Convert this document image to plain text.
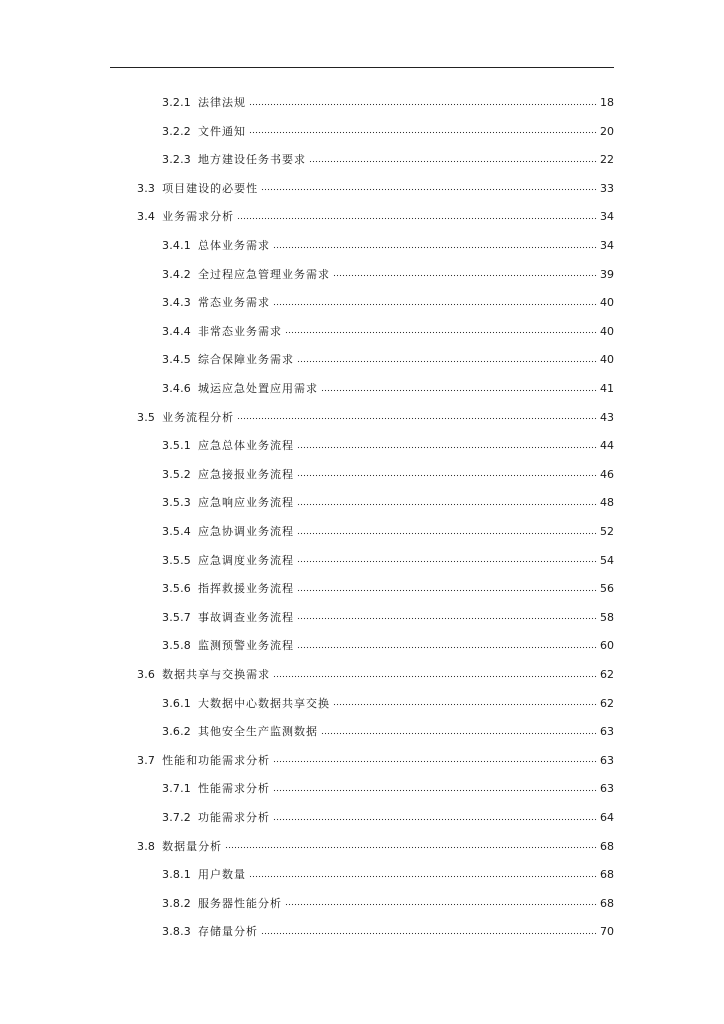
3.2.1 法律法规	18
3.2.2 文件通知	20
3.2.3 地方建设任务书要求	22
3.3 项目建设的必要性	33
3.4 业务需求分析	34
3.4.1 总体业务需求	34
3.4.2 全过程应急管理业务需求	39
3.4.3 常态业务需求	40
3.4.4 非常态业务需求	40
3.4.5 综合保障业务需求	40
3.4.6 城运应急处置应用需求	41
3.5 业务流程分析	43
3.5.1 应急总体业务流程	44
3.5.2 应急接报业务流程	46
3.5.3 应急响应业务流程	48
3.5.4 应急协调业务流程	52
3.5.5 应急调度业务流程	54
3.5.6 指挥救援业务流程	56
3.5.7 事故调查业务流程	58
3.5.8 监测预警业务流程	60
3.6 数据共享与交换需求	62
3.6.1 大数据中心数据共享交换	62
3.6.2 其他安全生产监测数据	63
3.7 性能和功能需求分析	63
3.7.1 性能需求分析	63
3.7.2 功能需求分析	64
3.8 数据量分析	68
3.8.1 用户数量	68
3.8.2 服务器性能分析	68
3.8.3 存储量分析	70
